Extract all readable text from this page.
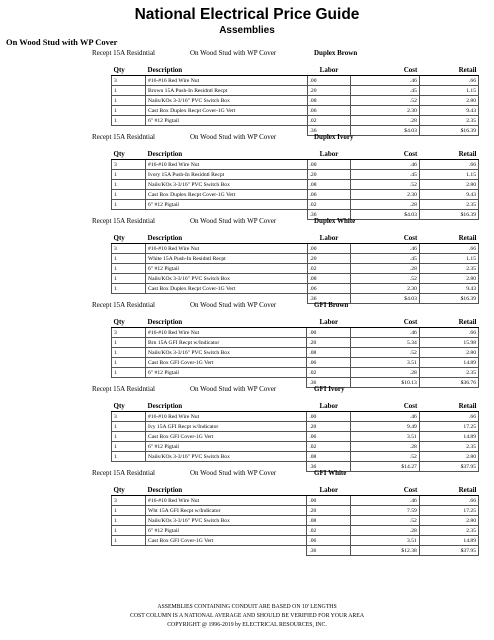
National Electrical Price Guide
Assemblies
On Wood Stud with WP Cover
Recept 15A Residntial	On Wood Stud with WP Cover	Duplex Brown
Qty	Description	Labor	Cost	Retail
3	#16-#16 Red Wire Nut	.00	.46	.66
1	Brown 15A Push-In Residntl Recpt	.20	.45	1.15
1	Nails/KOs 3-3/16" PVC Switch Box	.08	.52	2.80
1	Cast Box Duplex Recpt Cover-1G Vert	.06	2.30	9.43
1	6" #12 Pigtail	.02	.28	2.35
		.36	$4.03	$16.39
Recept 15A Residntial	On Wood Stud with WP Cover	Duplex Ivory
Qty	Description	Labor	Cost	Retail
3	#16-#10 Red Wire Nut	.00	.46	.66
1	Ivory 15A Push-In Residntl Recpt	.20	.45	1.15
1	Nails/KOs 3-3/16" PVC Switch Box	.08	.52	2.80
1	Cast Box Duplex Recpt Cover-1G Vert	.06	2.30	9.43
1	6" #12 Pigtail	.02	.28	2.35
		.36	$4.03	$16.39
Recept 15A Residntial	On Wood Stud with WP Cover	Duplex White
Qty	Description	Labor	Cost	Retail
3	#16-#10 Red Wire Nut	.00	.46	.66
1	White 15A Push-In Residntl Recpt	.20	.45	1.15
1	6" #12 Pigtail	.02	.28	2.35
1	Nails/KOs 3-3/16" PVC Switch Box	.08	.52	2.80
1	Cast Box Duplex Recpt Cover-1G Vert	.06	2.30	9.43
		.36	$4.03	$16.39
Recept 15A Residntial	On Wood Stud with WP Cover	GFI Brown
Qty	Description	Labor	Cost	Retail
3	#16-#10 Red Wire Nut	.00	.46	.66
1	Brn 15A GFI Recpt w/Indicator	.20	5.34	15.98
1	Nails/KOs 3-3/16" PVC Switch Box	.08	.52	2.80
1	Cast Box GFI Cover-1G Vert	.06	3.51	14.89
1	6" #12 Pigtail	.02	.28	2.35
		.36	$10.13	$36.76
Recept 15A Residntial	On Wood Stud with WP Cover	GFI Ivory
Qty	Description	Labor	Cost	Retail
3	#16-#10 Red Wire Nut	.00	.46	.66
1	Ivy 15A GFI Recpt w/Indicator	.20	9.49	17.25
1	Cast Box GFI Cover-1G Vert	.06	3.51	14.89
1	6" #12 Pigtail	.02	.28	2.35
1	Nails/KOs 3-3/16" PVC Switch Box	.08	.52	2.80
		.36	$14.27	$37.95
Recept 15A Residntial	On Wood Stud with WP Cover	GFI White
Qty	Description	Labor	Cost	Retail
3	#16-#10 Red Wire Nut	.00	.46	.66
1	Wht 15A GFI Recpt w/Indicator	.20	7.59	17.25
1	Nails/KOs 3-3/16" PVC Switch Box	.08	.52	2.80
1	6" #12 Pigtail	.02	.28	2.35
1	Cast Box GFI Cover-1G Vert	.06	3.51	14.89
		.36	$12.38	$37.95
ASSEMBLIES CONTAINING CONDUIT ARE BASED ON 10' LENGTHS
COST COLUMN IS A NATIONAL AVERAGE AND SHOULD BE VERIFIED FOR YOUR AREA
COPYRIGHT @ 1996-2019 by ELECTRICAL RESOURCES, INC.
